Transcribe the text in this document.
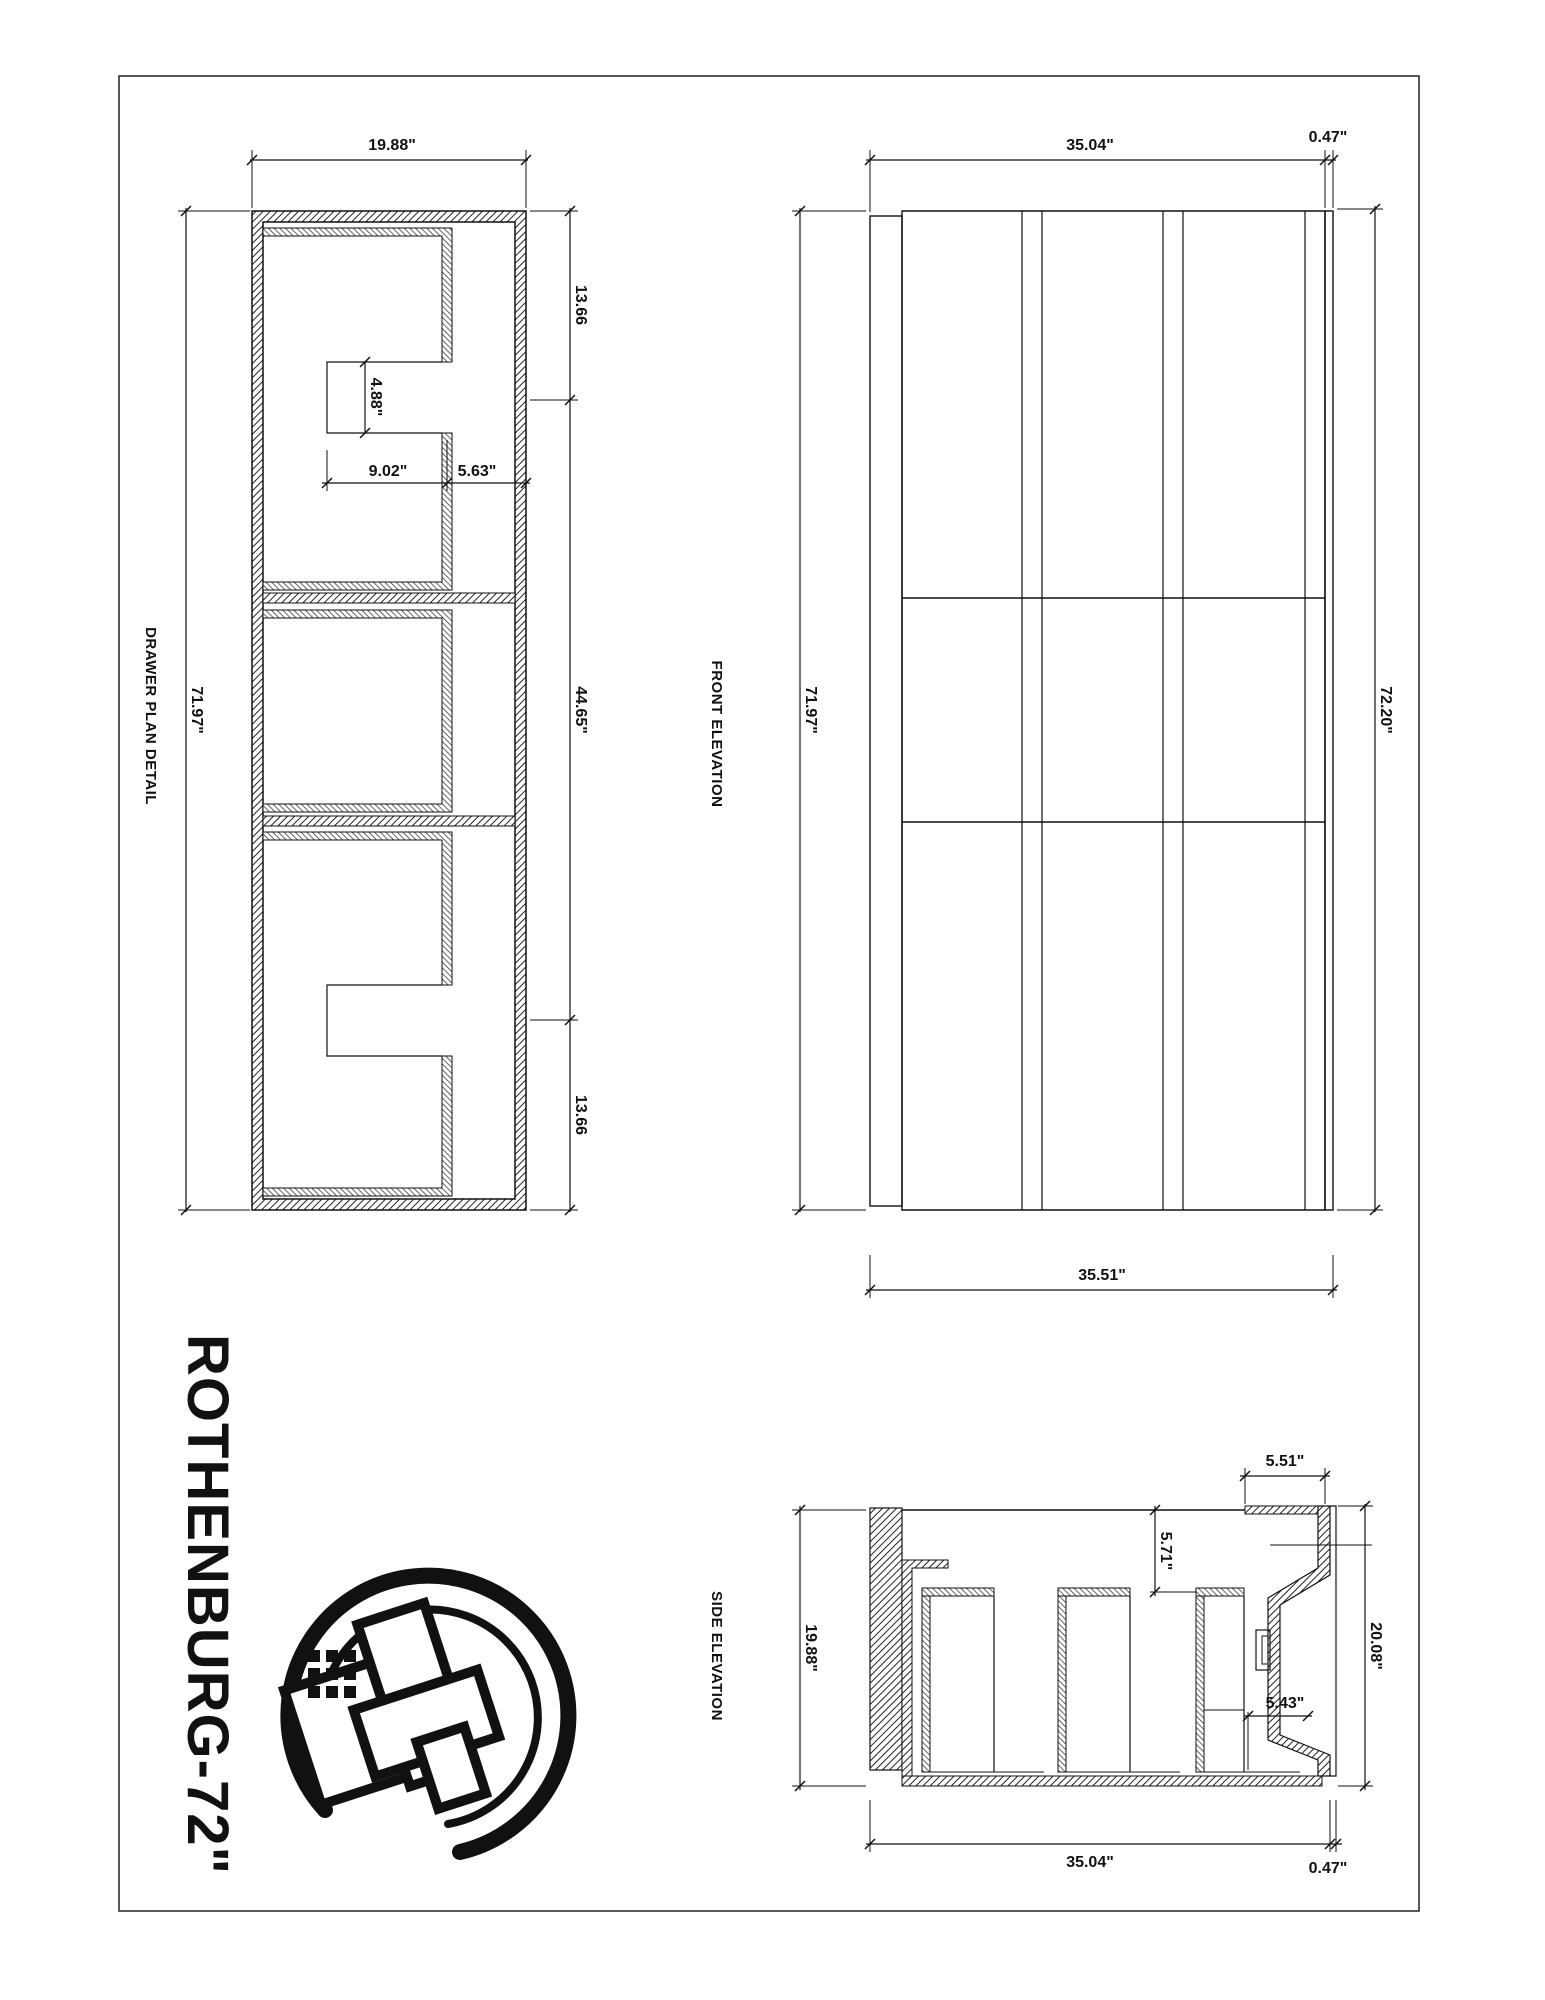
19.88"
71.97"
13.66
44.65"
13.66
4.88"
9.02"	5.63"
DRAWER PLAN DETAIL
35.04"	0.47"
71.97"	72.20"
35.51"
FRONT ELEVATION
5.51"
5.71"
19.88"	20.08"
5.43"
35.04"	0.47"
SIDE ELEVATION
ROTHENBURG-72"
